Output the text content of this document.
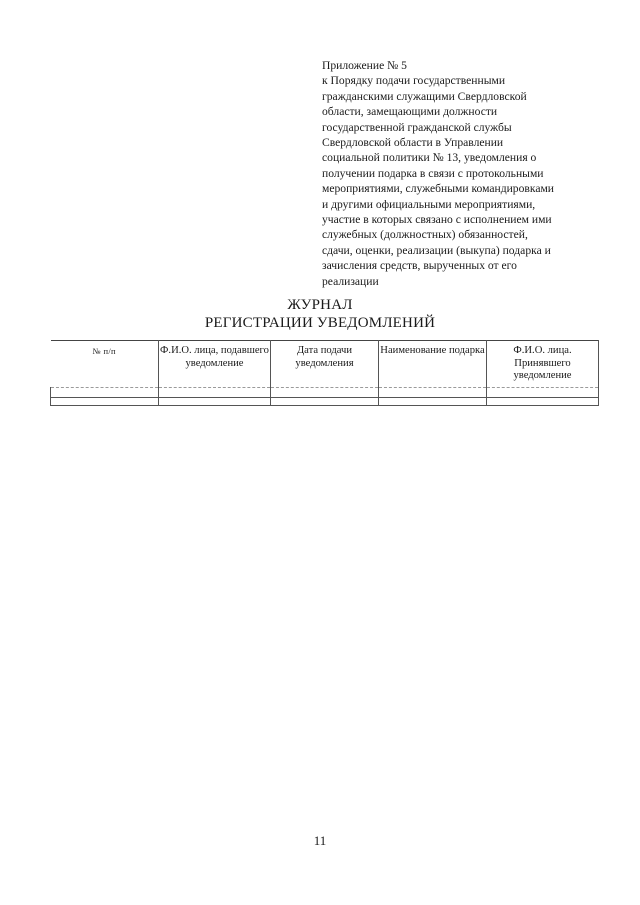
Приложение № 5
к Порядку подачи государственными
гражданскими служащими Свердловской
области, замещающими должности
государственной гражданской службы
Свердловской области в Управлении
социальной политики № 13, уведомления о
получении подарка в связи с протокольными
мероприятиями, служебными командировками
и другими официальными мероприятиями,
участие в которых связано с исполнением ими
служебных (должностных) обязанностей,
сдачи, оценки, реализации (выкупа) подарка и
зачисления средств, вырученных от его
реализации
ЖУРНАЛ
РЕГИСТРАЦИИ УВЕДОМЛЕНИЙ
№ п/п	Ф.И.О. лица, подавшего уведомление	Дата подачи уведомления	Наименование подарка	Ф.И.О. лица. Принявшего уведомление

11
